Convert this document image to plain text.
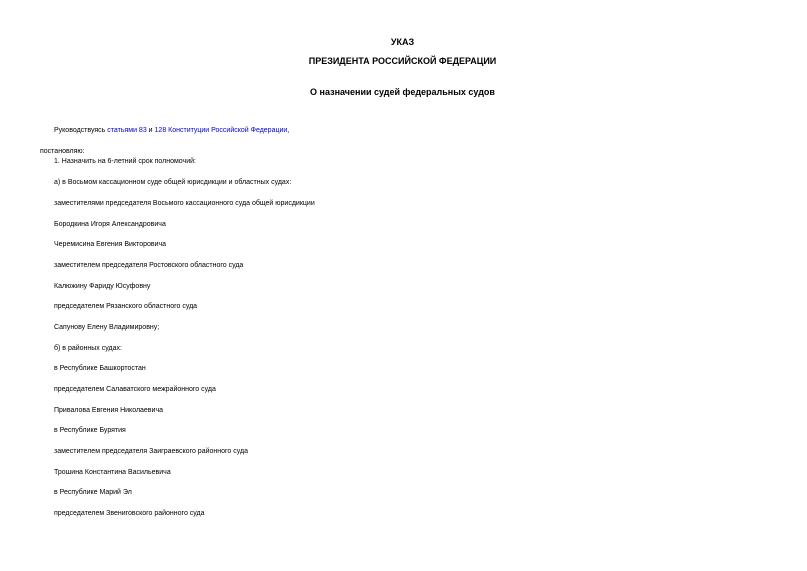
УКАЗ
ПРЕЗИДЕНТА РОССИЙСКОЙ ФЕДЕРАЦИИ
О назначении судей федеральных судов
Руководствуясь статьями 83 и 128 Конституции Российской Федерации,
постановляю:
1. Назначить на 6-летний срок полномочий:
а) в Восьмом кассационном суде общей юрисдикции и областных судах:
заместителями председателя Восьмого кассационного суда общей юрисдикции
Бородкина Игоря Александровича
Черемисина Евгения Викторовича
заместителем председателя Ростовского областного суда
Калюжину Фариду Юсуфовну
председателем Рязанского областного суда
Сапунову Елену Владимировну;
б) в районных судах:
в Республике Башкортостан
председателем Салаватского межрайонного суда
Привалова Евгения Николаевича
в Республике Бурятия
заместителем председателя Заиграевского районного суда
Трошина Константина Васильевича
в Республике Марий Эл
председателем Звениговского районного суда
